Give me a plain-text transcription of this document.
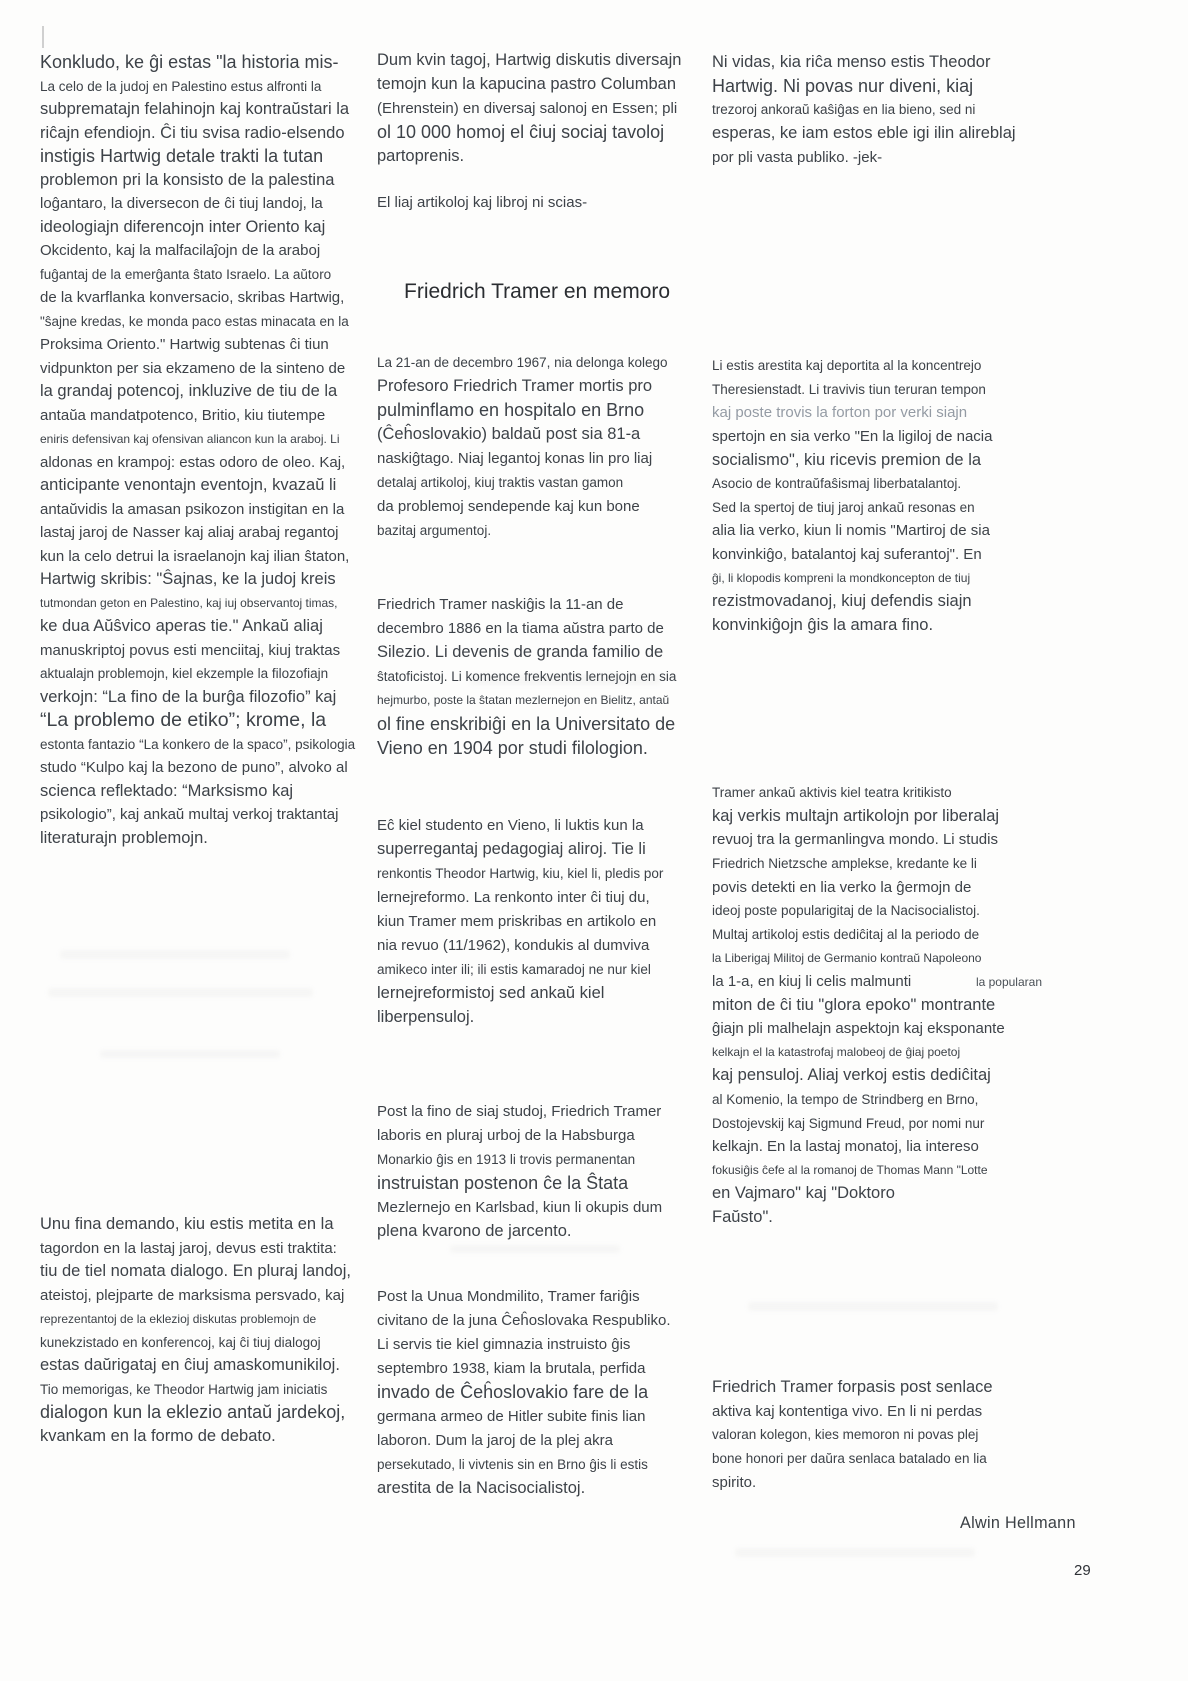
Konkludo, ke ĝi estas "la historia mis-
La celo de la judoj en Palestino estus alfronti la
subprematajn felahinojn kaj kontraŭstari la
riĉajn efendiojn. Ĉi tiu svisa radio-elsendo
instigis Hartwig detale trakti la tutan
problemon pri la konsisto de la palestina
loĝantaro, la diversecon de ĉi tiuj landoj, la
ideologiajn diferencojn inter Oriento kaj
Okcidento, kaj la malfacilaĵojn de la araboj
fuĝantaj de la emerĝanta ŝtato Israelo. La aŭtoro
de la kvarflanka konversacio, skribas Hartwig,
"ŝajne kredas, ke monda paco estas minacata en la
Proksima Oriento." Hartwig subtenas ĉi tiun
vidpunkton per sia ekzameno de la sinteno de
la grandaj potencoj, inkluzive de tiu de la
antaŭa mandatpotenco, Britio, kiu tiutempe
eniris defensivan kaj ofensivan aliancon kun la araboj. Li
aldonas en krampoj: estas odoro de oleo. Kaj,
anticipante venontajn eventojn, kvazaŭ li
antaŭvidis la amasan psikozon instigitan en la
lastaj jaroj de Nasser kaj aliaj arabaj regantoj
kun la celo detrui la israelanojn kaj ilian ŝtaton,
Hartwig skribis: "Ŝajnas, ke la judoj kreis
tutmondan geton en Palestino, kaj iuj observantoj timas,
ke dua Aŭŝvico aperas tie." Ankaŭ aliaj
manuskriptoj povus esti menciitaj, kiuj traktas
aktualajn problemojn, kiel ekzemple la filozofiajn
verkojn: “La fino de la burĝa filozofio” kaj
“La problemo de etiko”; krome, la
estonta fantazio “La konkero de la spaco”, psikologia
studo “Kulpo kaj la bezono de puno”, alvoko al
scienca reflektado: “Marksismo kaj
psikologio”, kaj ankaŭ multaj verkoj traktantaj
literaturajn problemojn.
Unu fina demando, kiu estis metita en la
tagordon en la lastaj jaroj, devus esti traktita:
tiu de tiel nomata dialogo. En pluraj landoj,
ateistoj, plejparte de marksisma persvado, kaj
reprezentantoj de la eklezioj diskutas problemojn de
kunekzistado en konferencoj, kaj ĉi tiuj dialogoj
estas daŭrigataj en ĉiuj amaskomunikiloj.
Tio memorigas, ke Theodor Hartwig jam iniciatis
dialogon kun la eklezio antaŭ jardekoj,
kvankam en la formo de debato.
Dum kvin tagoj, Hartwig diskutis diversajn
temojn kun la kapucina pastro Columban
(Ehrenstein) en diversaj salonoj en Essen; pli
ol 10 000 homoj el ĉiuj sociaj tavoloj
partoprenis.
El liaj artikoloj kaj libroj ni scias-
La 21-an de decembro 1967, nia delonga kolego
Profesoro Friedrich Tramer mortis pro
pulminflamo en hospitalo en Brno
(Ĉeĥoslovakio) baldaŭ post sia 81-a
naskiĝtago. Niaj legantoj konas lin pro liaj
detalaj artikoloj, kiuj traktis vastan gamon
da problemoj sendepende kaj kun bone
bazitaj argumentoj.
Friedrich Tramer naskiĝis la 11-an de
decembro 1886 en la tiama aŭstra parto de
Silezio. Li devenis de granda familio de
ŝtatoficistoj. Li komence frekventis lernejojn en sia
hejmurbo, poste la ŝtatan mezlernejon en Bielitz, antaŭ
ol fine enskribiĝi en la Universitato de
Vieno en 1904 por studi filologion.
Eĉ kiel studento en Vieno, li luktis kun la
superregantaj pedagogiaj aliroj. Tie li
renkontis Theodor Hartwig, kiu, kiel li, pledis por
lernejreformo. La renkonto inter ĉi tiuj du,
kiun Tramer mem priskribas en artikolo en
nia revuo (11/1962), kondukis al dumviva
amikeco inter ili; ili estis kamaradoj ne nur kiel
lernejreformistoj sed ankaŭ kiel
liberpensuloj.
Post la fino de siaj studoj, Friedrich Tramer
laboris en pluraj urboj de la Habsburga
Monarkio ĝis en 1913 li trovis permanentan
instruistan postenon ĉe la Ŝtata
Mezlernejo en Karlsbad, kiun li okupis dum
plena kvarono de jarcento.
Post la Unua Mondmilito, Tramer fariĝis
civitano de la juna Ĉeĥoslovaka Respubliko.
Li servis tie kiel gimnazia instruisto ĝis
septembro 1938, kiam la brutala, perfida
invado de Ĉeĥoslovakio fare de la
germana armeo de Hitler subite finis lian
laboron. Dum la jaroj de la plej akra
persekutado, li vivtenis sin en Brno ĝis li estis
arestita de la Nacisocialistoj.
Ni vidas, kia riĉa menso estis Theodor
Hartwig. Ni povas nur diveni, kiaj
trezoroj ankoraŭ kaŝiĝas en lia bieno, sed ni
esperas, ke iam estos eble igi ilin alireblaj
por pli vasta publiko. -jek-
Li estis arestita kaj deportita al la koncentrejo
Theresienstadt. Li travivis tiun teruran tempon
kaj poste trovis la forton por verki siajn
spertojn en sia verko "En la ligiloj de nacia
socialismo", kiu ricevis premion de la
Asocio de kontraŭfaŝismaj liberbatalantoj.
Sed la spertoj de tiuj jaroj ankaŭ resonas en
alia lia verko, kiun li nomis "Martiroj de sia
konvinkiĝo, batalantoj kaj suferantoj". En
ĝi, li klopodis kompreni la mondkoncepton de tiuj
rezistmovadanoj, kiuj defendis siajn
konvinkiĝojn ĝis la amara fino.
Tramer ankaŭ aktivis kiel teatra kritikisto
kaj verkis multajn artikolojn por liberalaj
revuoj tra la germanlingva mondo. Li studis
Friedrich Nietzsche amplekse, kredante ke li
povis detekti en lia verko la ĝermojn de
ideoj poste popularigitaj de la Nacisocialistoj.
Multaj artikoloj estis dediĉitaj al la periodo de
la Liberigaj Militoj de Germanio kontraŭ Napoleono
la 1-a, en kiuj li celis malmunti	la popularan
miton de ĉi tiu "glora epoko" montrante
ĝiajn pli malhelajn aspektojn kaj eksponante
kelkajn el la katastrofaj malobeoj de ĝiaj poetoj
kaj pensuloj. Aliaj verkoj estis dediĉitaj
al Komenio, la tempo de Strindberg en Brno,
Dostojevskij kaj Sigmund Freud, por nomi nur
kelkajn. En la lastaj monatoj, lia intereso
fokusiĝis ĉefe al la romanoj de Thomas Mann "Lotte
en Vajmaro" kaj "Doktoro
Faŭsto".
Friedrich Tramer forpasis post senlace
aktiva kaj kontentiga vivo. En li ni perdas
valoran kolegon, kies memoron ni povas plej
bone honori per daŭra senlaca batalado en lia
spirito.
Friedrich Tramer en memoro
Alwin Hellmann
29
